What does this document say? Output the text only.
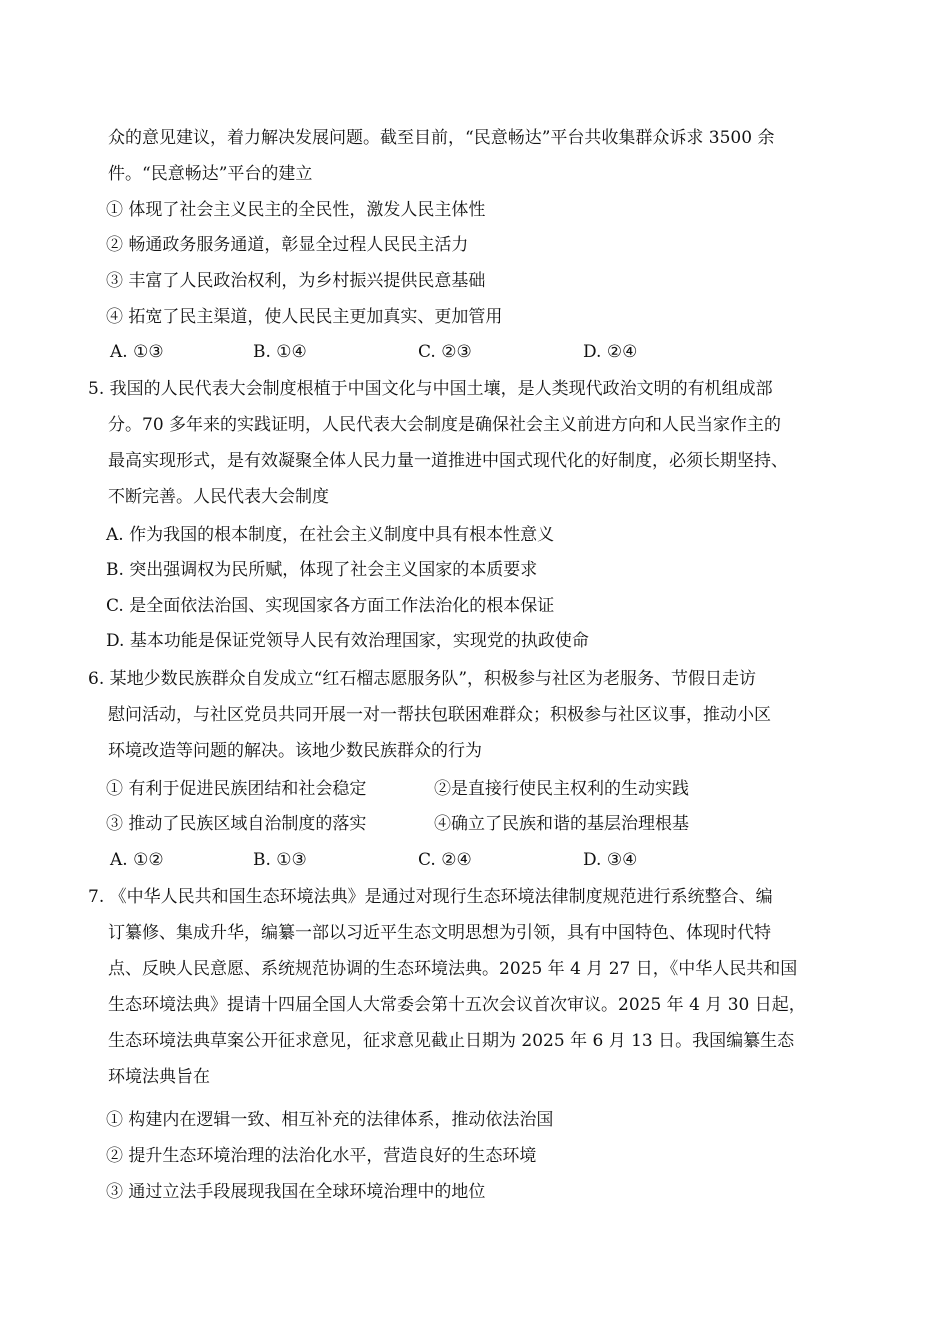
众的意见建议，着力解决发展问题。截至目前，“民意畅达”平台共收集群众诉求 3500 余
件。“民意畅达”平台的建立
① 体现了社会主义民主的全民性，激发人民主体性
② 畅通政务服务通道，彰显全过程人民民主活力
③ 丰富了人民政治权利，为乡村振兴提供民意基础
④ 拓宽了民主渠道，使人民民主更加真实、更加管用
A. ①③	B. ①④	C. ②③	D. ②④
5. 我国的人民代表大会制度根植于中国文化与中国土壤，是人类现代政治文明的有机组成部
分。70 多年来的实践证明，人民代表大会制度是确保社会主义前进方向和人民当家作主的
最高实现形式，是有效凝聚全体人民力量一道推进中国式现代化的好制度，必须长期坚持、
不断完善。人民代表大会制度
A. 作为我国的根本制度，在社会主义制度中具有根本性意义
B. 突出强调权为民所赋，体现了社会主义国家的本质要求
C. 是全面依法治国、实现国家各方面工作法治化的根本保证
D. 基本功能是保证党领导人民有效治理国家，实现党的执政使命
6. 某地少数民族群众自发成立“红石榴志愿服务队”，积极参与社区为老服务、节假日走访
慰问活动，与社区党员共同开展一对一帮扶包联困难群众；积极参与社区议事，推动小区
环境改造等问题的解决。该地少数民族群众的行为
① 有利于促进民族团结和社会稳定	②是直接行使民主权利的生动实践
③ 推动了民族区域自治制度的落实	④确立了民族和谐的基层治理根基
A. ①②	B. ①③	C. ②④	D. ③④
7. 《中华人民共和国生态环境法典》是通过对现行生态环境法律制度规范进行系统整合、编
订纂修、集成升华，编纂一部以习近平生态文明思想为引领，具有中国特色、体现时代特
点、反映人民意愿、系统规范协调的生态环境法典。2025 年 4 月 27 日，《中华人民共和国
生态环境法典》提请十四届全国人大常委会第十五次会议首次审议。2025 年 4 月 30 日起，
生态环境法典草案公开征求意见，征求意见截止日期为 2025 年 6 月 13 日。我国编纂生态
环境法典旨在
① 构建内在逻辑一致、相互补充的法律体系，推动依法治国
② 提升生态环境治理的法治化水平，营造良好的生态环境
③ 通过立法手段展现我国在全球环境治理中的地位
